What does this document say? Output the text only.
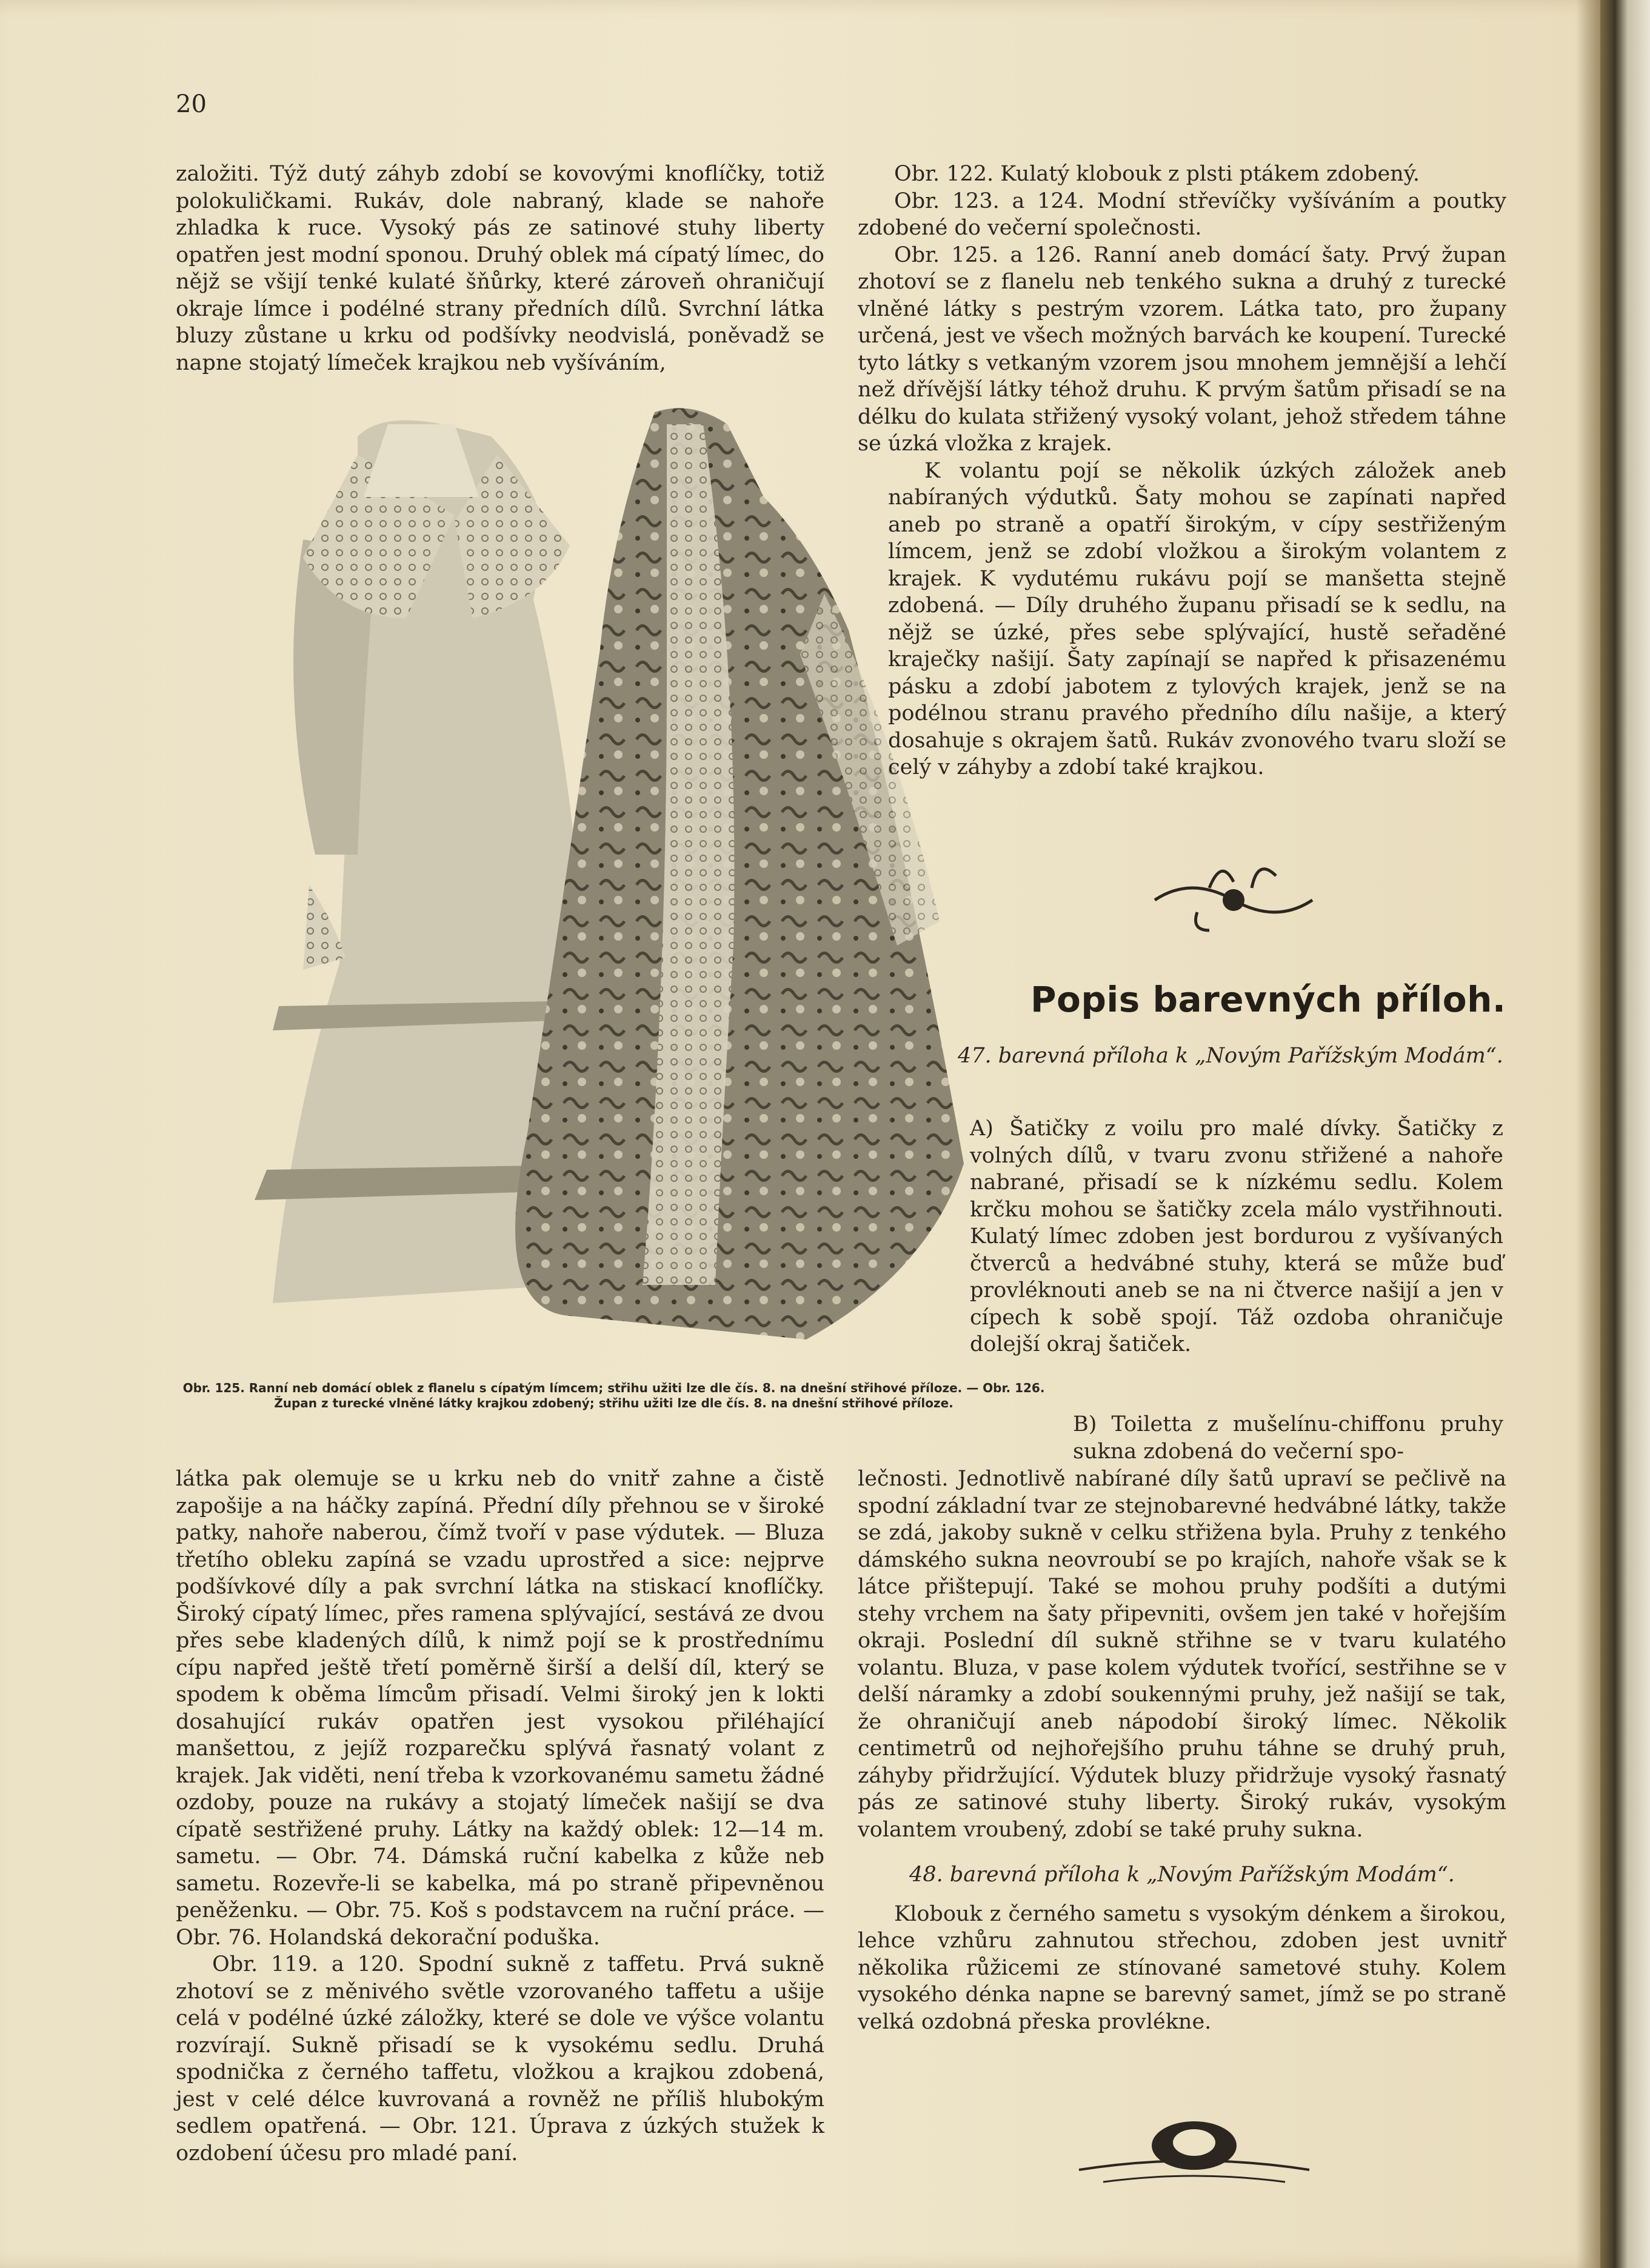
20

založiti. Týž dutý záhyb zdobí se kovovými knoflíčky, totiž polokuličkami. Rukáv, dole nabraný, klade se nahoře zhladka k ruce. Vysoký pás ze satinové stuhy liberty opatřen jest modní sponou. Druhý oblek má cípatý límec, do nějž se všijí tenké kulaté šňůrky, které zároveň ohraničují okraje límce i podélné strany předních dílů. Svrchní látka bluzy zůstane u krku od podšívky neodvislá, poněvadž se napne stojatý límeček krajkou neb vyšíváním,

Obr. 125. Ranní neb domácí oblek z flanelu s cípatým límcem; střihu užiti lze dle čís. 8. na dnešní střihové příloze. — Obr. 126. Župan z turecké vlněné látky krajkou zdobený; střihu užiti lze dle čís. 8. na dnešní střihové příloze.

látka pak olemuje se u krku neb do vnitř zahne a čistě zapošije a na háčky zapíná. Přední díly přehnou se v široké patky, nahoře naberou, čímž tvoří v pase výdutek. — Bluza třetího obleku zapíná se vzadu uprostřed a sice: nejprve podšívkové díly a pak svrchní látka na stiskací knoflíčky. Široký cípatý límec, přes ramena splývající, sestává ze dvou přes sebe kladených dílů, k nimž pojí se k prostřednímu cípu napřed ještě třetí poměrně širší a delší díl, který se spodem k oběma límcům přisadí. Velmi široký jen k lokti dosahující rukáv opatřen jest vysokou přiléhající manšettou, z jejíž rozparečku splývá řasnatý volant z krajek. Jak viděti, není třeba k vzorkovanému sametu žádné ozdoby, pouze na rukávy a stojatý límeček našijí se dva cípatě sestřižené pruhy. Látky na každý oblek: 12—14 m. sametu. — Obr. 74. Dámská ruční kabelka z kůže neb sametu. Rozevře-li se kabelka, má po straně připevněnou peněženku. — Obr. 75. Koš s podstavcem na ruční práce. — Obr. 76. Holandská dekorační poduška.

Obr. 119. a 120. Spodní sukně z taffetu. Prvá sukně zhotoví se z měnivého světle vzorovaného taffetu a ušije celá v podélné úzké záložky, které se dole ve výšce volantu rozvírají. Sukně přisadí se k vysokému sedlu. Druhá spodnička z černého taffetu, vložkou a krajkou zdobená, jest v celé délce kuvrovaná a rovněž ne příliš hlubokým sedlem opatřená. — Obr. 121. Úprava z úzkých stužek k ozdobení účesu pro mladé paní.

Obr. 122. Kulatý klobouk z plsti ptákem zdobený.

Obr. 123. a 124. Modní střevíčky vyšíváním a poutky zdobené do večerní společnosti.

Obr. 125. a 126. Ranní aneb domácí šaty. Prvý župan zhotoví se z flanelu neb tenkého sukna a druhý z turecké vlněné látky s pestrým vzorem. Látka tato, pro župany určená, jest ve všech možných barvách ke koupení. Turecké tyto látky s vetkaným vzorem jsou mnohem jemnější a lehčí než dřívější látky téhož druhu. K prvým šatům přisadí se na délku do kulata střižený vysoký volant, jehož středem táhne se úzká vložka z krajek.

K volantu pojí se několik úzkých záložek aneb nabíraných výdutků. Šaty mohou se zapínati napřed aneb po straně a opatří širokým, v cípy sestřiženým límcem, jenž se zdobí vložkou a širokým volantem z krajek. K vydutému rukávu pojí se manšetta stejně zdobená. — Díly druhého županu přisadí se k sedlu, na nějž se úzké, přes sebe splývající, hustě seřaděné kraječky našijí. Šaty zapínají se napřed k přisazenému pásku a zdobí jabotem z tylových krajek, jenž se na podélnou stranu pravého předního dílu našije, a který dosahuje s okrajem šatů. Rukáv zvonového tvaru složí se celý v záhyby a zdobí také krajkou.

Popis barevných příloh.
47. barevná příloha k „Novým Pařížským Modám“.
A) Šatičky z voilu pro malé dívky. Šatičky z volných dílů, v tvaru zvonu střižené a nahoře nabrané, přisadí se k nízkému sedlu. Kolem krčku mohou se šatičky zcela málo vystřihnouti. Kulatý límec zdoben jest bordurou z vyšívaných čtverců a hedvábné stuhy, která se může buď provléknouti aneb se na ni čtverce našijí a jen v cípech k sobě spojí. Táž ozdoba ohraničuje dolejší okraj šatiček.
B) Toiletta z mušelínu-chiffonu pruhy sukna zdobená do večerní spo-

lečnosti. Jednotlivě nabírané díly šatů upraví se pečlivě na spodní základní tvar ze stejnobarevné hedvábné látky, takže se zdá, jakoby sukně v celku střižena byla. Pruhy z tenkého dámského sukna neovroubí se po krajích, nahoře však se k látce přištepují. Také se mohou pruhy podšíti a dutými stehy vrchem na šaty připevniti, ovšem jen také v hořejším okraji. Poslední díl sukně střihne se v tvaru kulatého volantu. Bluza, v pase kolem výdutek tvořící, sestřihne se v delší náramky a zdobí soukennými pruhy, jež našijí se tak, že ohraničují aneb nápodobí široký límec. Několik centimetrů od nejhořejšího pruhu táhne se druhý pruh, záhyby přidržující. Výdutek bluzy přidržuje vysoký řasnatý pás ze satinové stuhy liberty. Široký rukáv, vysokým volantem vroubený, zdobí se také pruhy sukna.

48. barevná příloha k „Novým Pařížským Modám“.

Klobouk z černého sametu s vysokým dénkem a širokou, lehce vzhůru zahnutou střechou, zdoben jest uvnitř několika růžicemi ze stínované sametové stuhy. Kolem vysokého dénka napne se barevný samet, jímž se po straně velká ozdobná přeska provlékne.
